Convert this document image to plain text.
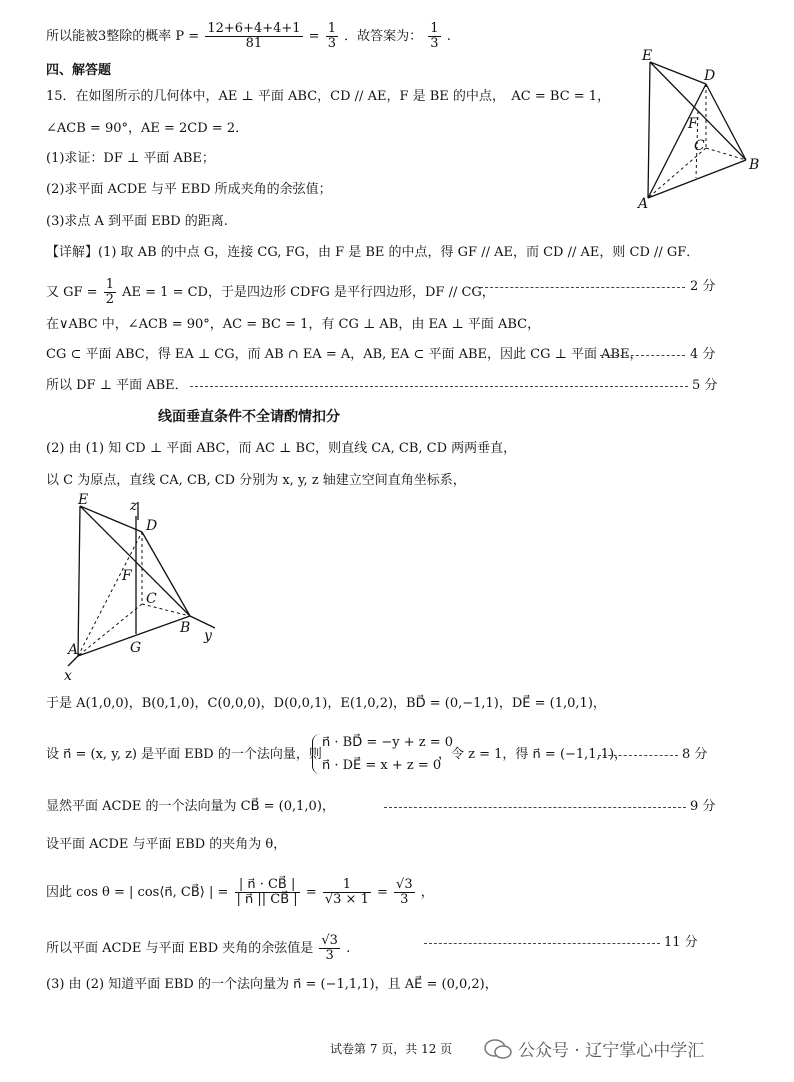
所以能被3整除的概率 $P = \frac{12+6+4+4+1}{81} = \frac{1}{3}$ ．故答案为： $\frac{1}{3}$ .
四、解答题
15．在如图所示的几何体中，AE ⊥ 平面 ABC，CD // AE，F 是 BE 的中点，　AC = BC = 1，
∠ACB = 90°，AE = 2CD = 2．
(1)求证：DF ⊥ 平面 ABE；
(2)求平面 ACDE 与平 EBD 所成夹角的余弦值；
(3)求点 A 到平面 EBD 的距离.
E
D
F
C
B
A
【详解】(1) 取 AB 的中点 G，连接 CG, FG，由 F 是 BE 的中点，得 GF // AE，而 CD // AE，则 CD // GF．
又 GF = $\frac{1}{2}$ AE = 1 = CD，于是四边形 CDFG 是平行四边形，DF // CG，	2 分
在∨ABC 中，∠ACB = 90°，AC = BC = 1，有 CG ⊥ AB，由 EA ⊥ 平面 ABC，
CG ⊂ 平面 ABC，得 EA ⊥ CG，而 AB ∩ EA = A，AB, EA ⊂ 平面 ABE，因此 CG ⊥ 平面 ABE，	4 分
所以 DF ⊥ 平面 ABE．	5 分
线面垂直条件不全请酌情扣分
(2) 由 (1) 知 CD ⊥ 平面 ABC，而 AC ⊥ BC，则直线 CA, CB, CD 两两垂直，
以 C 为原点，直线 CA, CB, CD 分别为 x, y, z 轴建立空间直角坐标系，
E	z
D
F
C
B y
A	G
x
于是 A(1,0,0)，B(0,1,0)，C(0,0,0)，D(0,0,1)，E(1,0,2)，BD⃗ = (0,−1,1)，DE⃗ = (1,0,1)，
设 n⃗ = (x, y, z) 是平面 EBD 的一个法向量，则
n⃗ · BD⃗ = −y + z = 0
n⃗ · DE⃗ = x + z = 0
，令 z = 1，得 n⃗ = (−1,1,1)，	8 分
显然平面 ACDE 的一个法向量为 CB⃗ = (0,1,0)，	9 分
设平面 ACDE 与平面 EBD 的夹角为 θ，
因此 cos θ = | cos⟨n⃗, CB⃗⟩ | = $\frac{| n⃗ \cdot CB⃗ |}{| n⃗ || CB⃗ |} = \frac{1}{√3 \times 1} = \frac{√3}{3}$ ，
所以平面 ACDE 与平面 EBD 夹角的余弦值是 $\frac{√3}{3}$ .	11 分
(3) 由 (2) 知道平面 EBD 的一个法向量为 n⃗ = (−1,1,1)，且 AE⃗ = (0,0,2)，
试卷第 7 页，共 12 页	公众号 · 辽宁掌心中学汇
